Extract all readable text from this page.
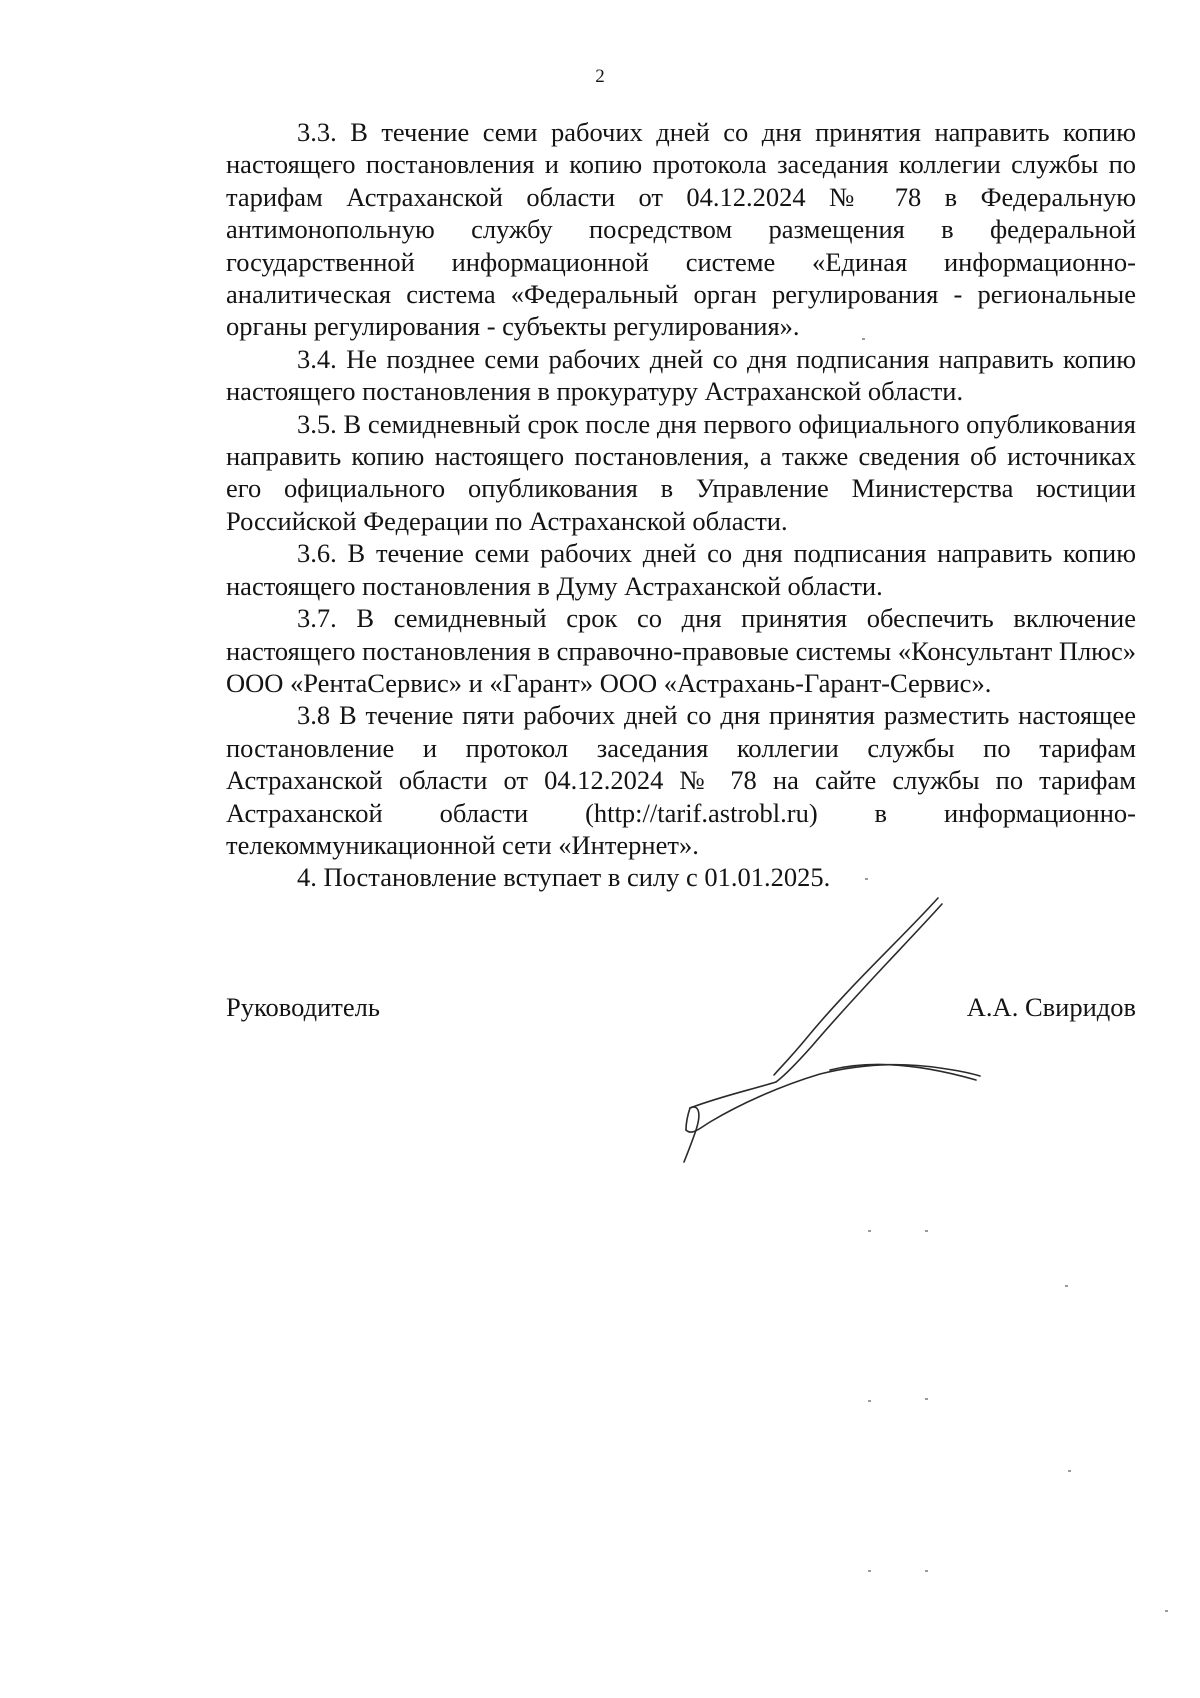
2

3.3. В течение семи рабочих дней со дня принятия направить копию настоящего постановления и копию протокола заседания коллегии службы по тарифам Астраханской области от 04.12.2024 № 78 в Федеральную антимонопольную службу посредством размещения в федеральной государственной информационной системе «Единая информационно-аналитическая система «Федеральный орган регулирования - региональные органы регулирования - субъекты регулирования».

3.4. Не позднее семи рабочих дней со дня подписания направить копию настоящего постановления в прокуратуру Астраханской области.

3.5. В семидневный срок после дня первого официального опубликования направить копию настоящего постановления, а также сведения об источниках его официального опубликования в Управление Министерства юстиции Российской Федерации по Астраханской области.

3.6. В течение семи рабочих дней со дня подписания направить копию настоящего постановления в Думу Астраханской области.

3.7. В семидневный срок со дня принятия обеспечить включение настоящего постановления в справочно-правовые системы «Консультант Плюс» ООО «РентаСервис» и «Гарант» ООО «Астрахань-Гарант-Сервис».

3.8 В течение пяти рабочих дней со дня принятия разместить настоящее постановление и протокол заседания коллегии службы по тарифам Астраханской области от 04.12.2024 № 78 на сайте службы по тарифам Астраханской области (http://tarif.astrobl.ru) в информационно-телекоммуникационной сети «Интернет».

4. Постановление вступает в силу с 01.01.2025.

Руководитель	А.А. Свиридов
